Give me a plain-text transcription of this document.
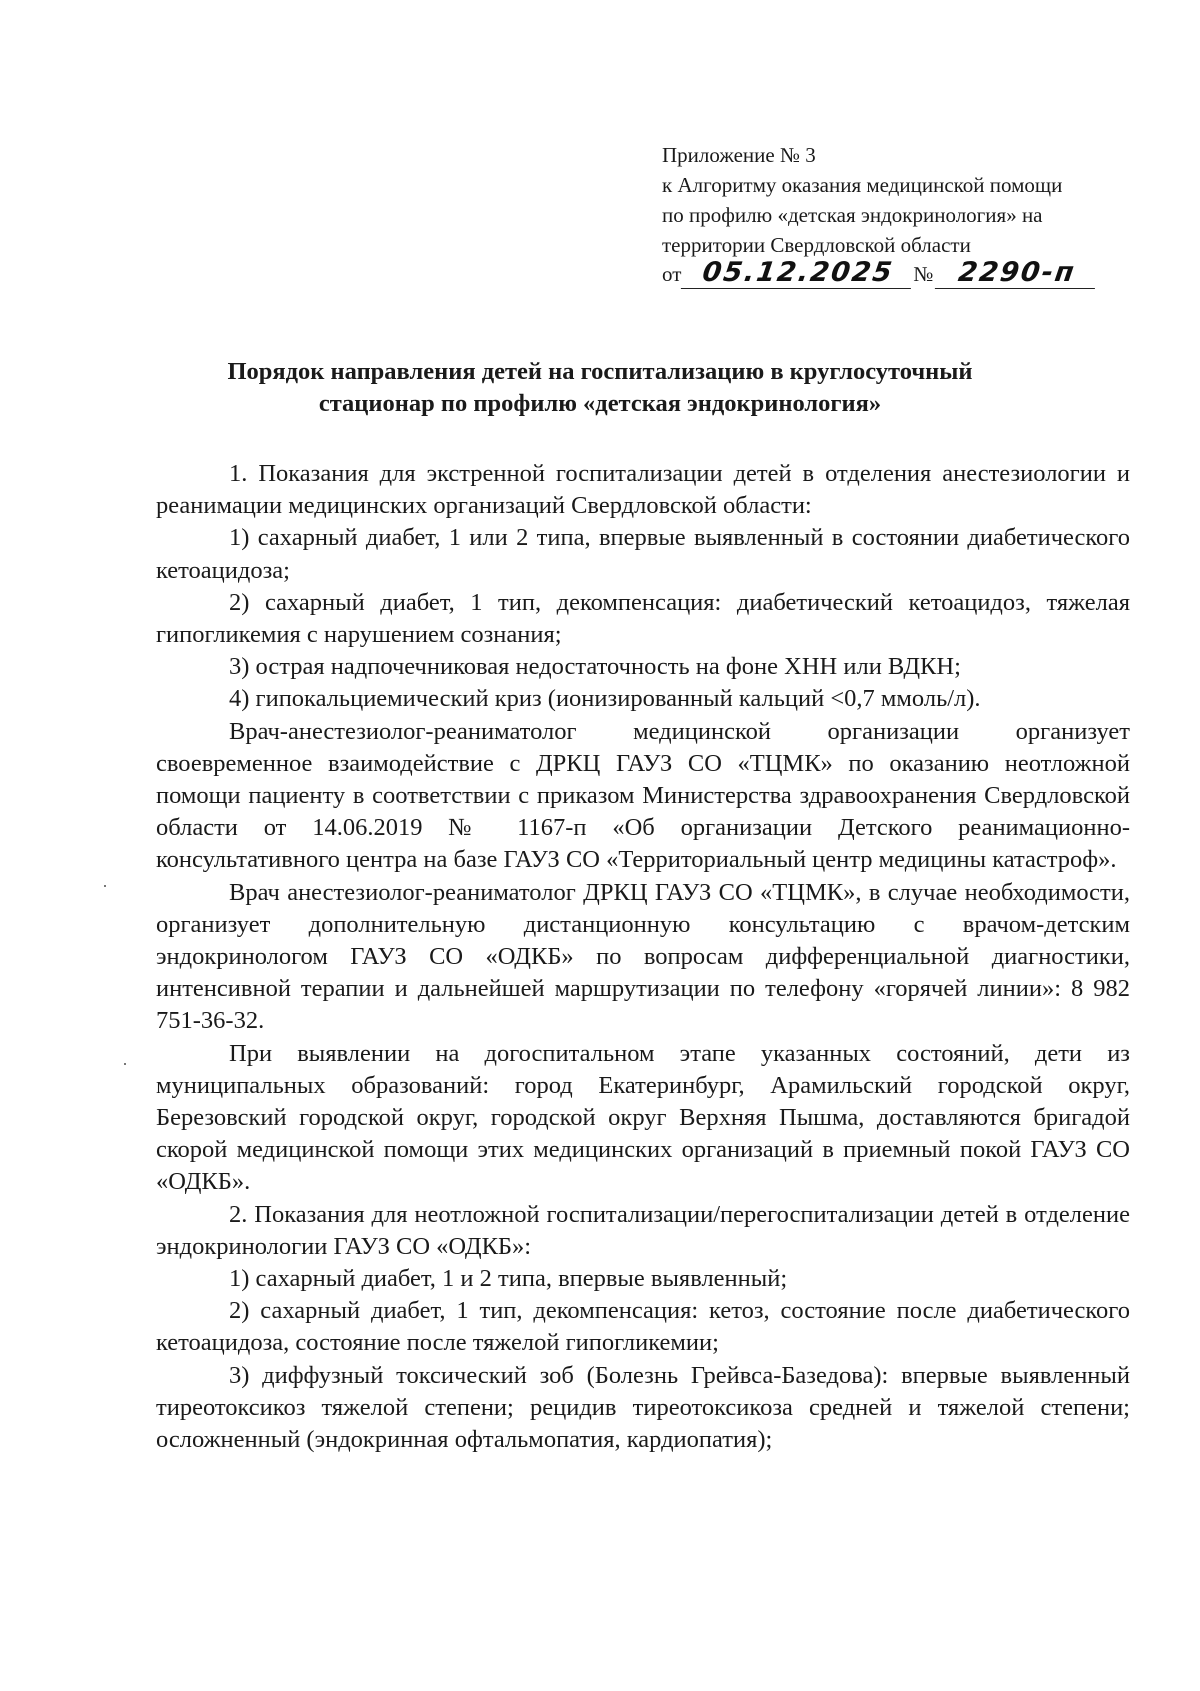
Приложение № 3
к Алгоритму оказания медицинской помощи
по профилю «детская эндокринология» на
территории Свердловской области
от 05.12.2025 № 2290-п
Порядок направления детей на госпитализацию в круглосуточный
стационар по профилю «детская эндокринология»

1. Показания для экстренной госпитализации детей в отделения анестезиологии и реанимации медицинских организаций Свердловской области:

1) сахарный диабет, 1 или 2 типа, впервые выявленный в состоянии диабетического кетоацидоза;

2) сахарный диабет, 1 тип, декомпенсация: диабетический кетоацидоз, тяжелая гипогликемия с нарушением сознания;

3) острая надпочечниковая недостаточность на фоне ХНН или ВДКН;

4) гипокальциемический криз (ионизированный кальций <0,7 ммоль/л).

Врач-анестезиолог-реаниматолог медицинской организации организует своевременное взаимодействие с ДРКЦ ГАУЗ СО «ТЦМК» по оказанию неотложной помощи пациенту в соответствии с приказом Министерства здравоохранения Свердловской области от 14.06.2019 № 1167-п «Об организации Детского реанимационно-консультативного центра на базе ГАУЗ СО «Территориальный центр медицины катастроф».

Врач анестезиолог-реаниматолог ДРКЦ ГАУЗ СО «ТЦМК», в случае необходимости, организует дополнительную дистанционную консультацию с врачом-детским эндокринологом ГАУЗ СО «ОДКБ» по вопросам дифференциальной диагностики, интенсивной терапии и дальнейшей маршрутизации по телефону «горячей линии»: 8 982 751-36-32.

При выявлении на догоспитальном этапе указанных состояний, дети из муниципальных образований: город Екатеринбург, Арамильский городской округ, Березовский городской округ, городской округ Верхняя Пышма, доставляются бригадой скорой медицинской помощи этих медицинских организаций в приемный покой ГАУЗ СО «ОДКБ».

2. Показания для неотложной госпитализации/перегоспитализации детей в отделение эндокринологии ГАУЗ СО «ОДКБ»:

1) сахарный диабет, 1 и 2 типа, впервые выявленный;

2) сахарный диабет, 1 тип, декомпенсация: кетоз, состояние после диабетического кетоацидоза, состояние после тяжелой гипогликемии;

3) диффузный токсический зоб (Болезнь Грейвса-Базедова): впервые выявленный тиреотоксикоз тяжелой степени; рецидив тиреотоксикоза средней и тяжелой степени; осложненный (эндокринная офтальмопатия, кардиопатия);
